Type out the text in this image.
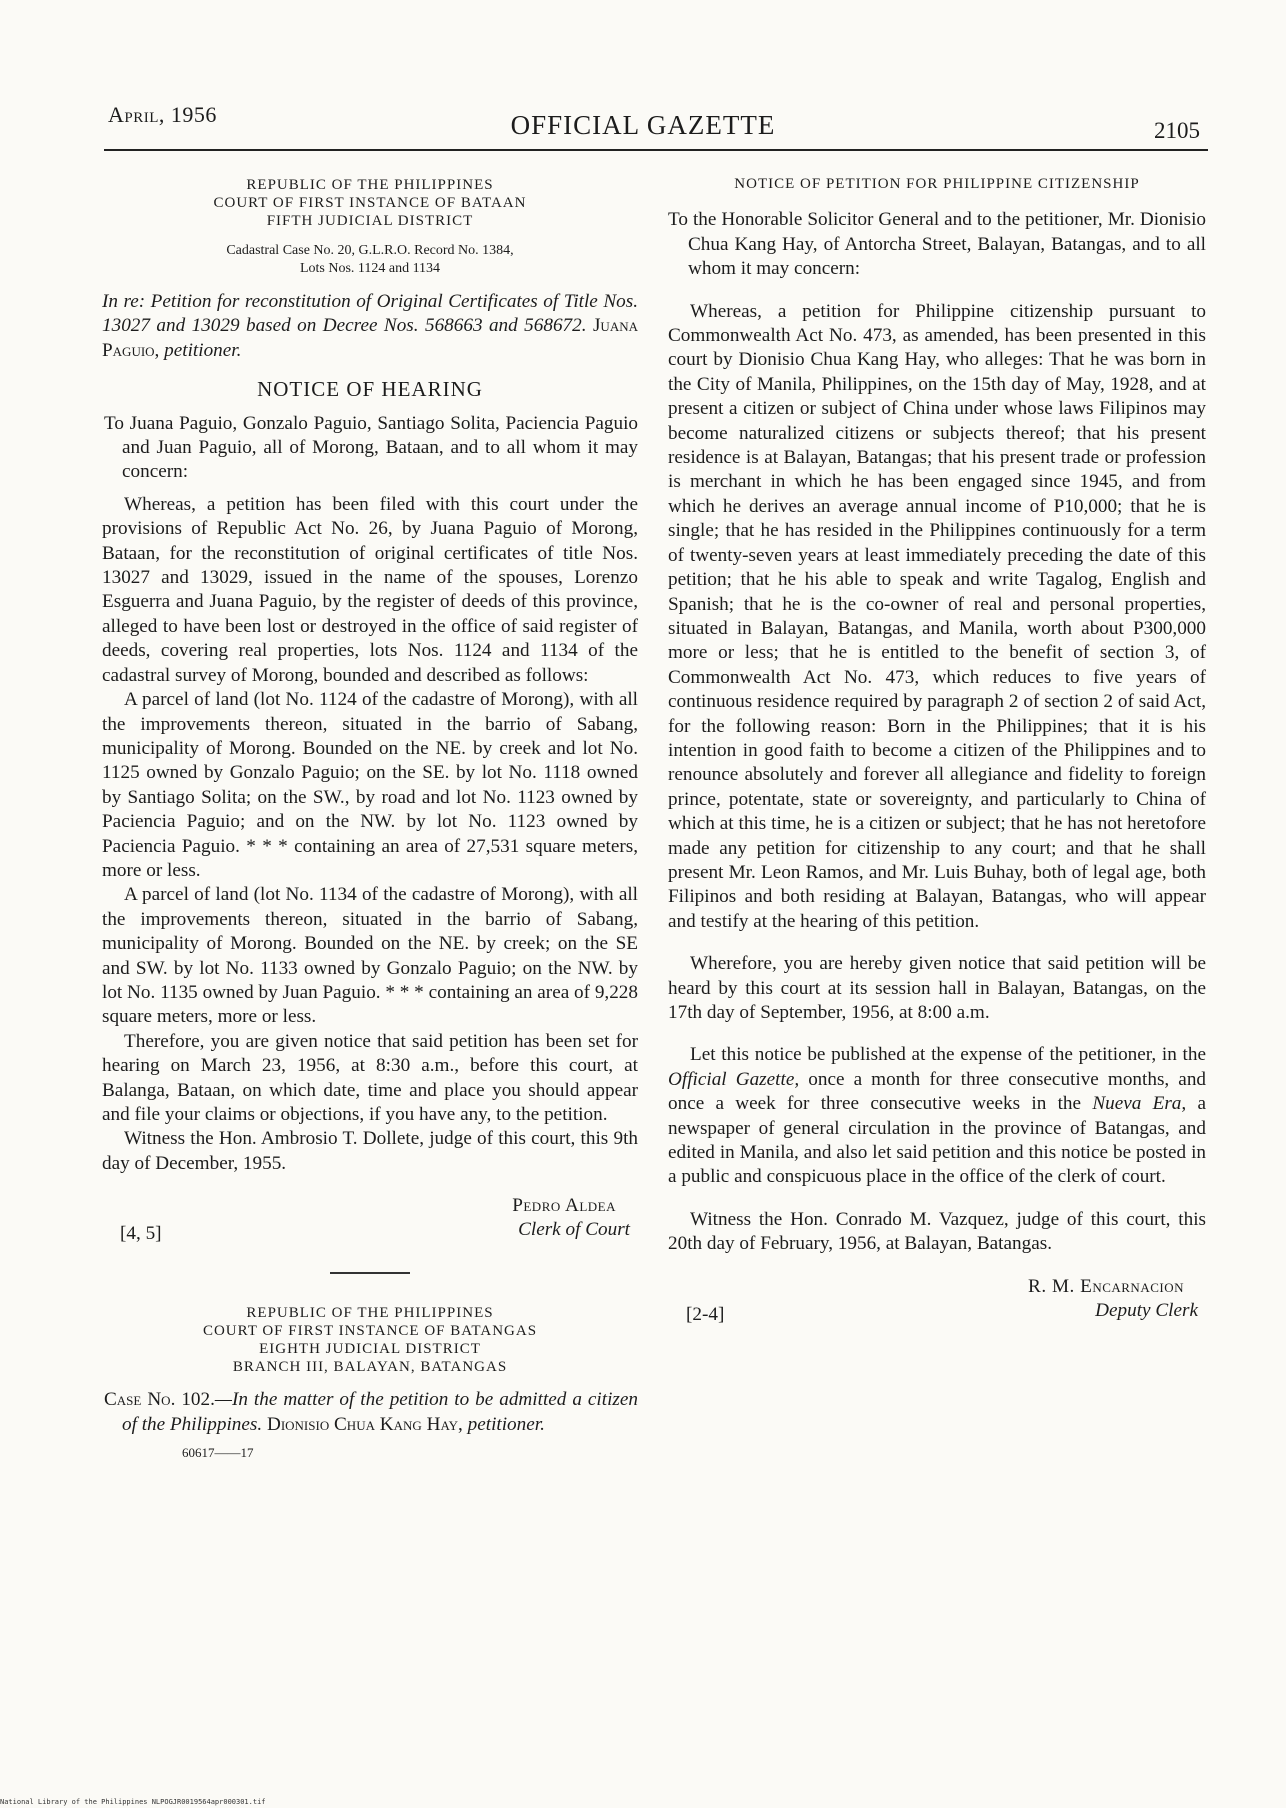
April, 1956	OFFICIAL GAZETTE	2105
REPUBLIC OF THE PHILIPPINES
COURT OF FIRST INSTANCE OF BATAAN
FIFTH JUDICIAL DISTRICT
Cadastral Case No. 20, G.L.R.O. Record No. 1384,
Lots Nos. 1124 and 1134

In re: Petition for reconstitution of Original Certificates of Title Nos. 13027 and 13029 based on Decree Nos. 568663 and 568672. Juana Paguio, petitioner.

NOTICE OF HEARING

To Juana Paguio, Gonzalo Paguio, Santiago Solita, Paciencia Paguio and Juan Paguio, all of Morong, Bataan, and to all whom it may concern:

Whereas, a petition has been filed with this court under the provisions of Republic Act No. 26, by Juana Paguio of Morong, Bataan, for the reconstitution of original certificates of title Nos. 13027 and 13029, issued in the name of the spouses, Lorenzo Esguerra and Juana Paguio, by the register of deeds of this province, alleged to have been lost or destroyed in the office of said register of deeds, covering real properties, lots Nos. 1124 and 1134 of the cadastral survey of Morong, bounded and described as follows:

A parcel of land (lot No. 1124 of the cadastre of Morong), with all the improvements thereon, situated in the barrio of Sabang, municipality of Morong. Bounded on the NE. by creek and lot No. 1125 owned by Gonzalo Paguio; on the SE. by lot No. 1118 owned by Santiago Solita; on the SW., by road and lot No. 1123 owned by Paciencia Paguio; and on the NW. by lot No. 1123 owned by Paciencia Paguio. * * * containing an area of 27,531 square meters, more or less.

A parcel of land (lot No. 1134 of the cadastre of Morong), with all the improvements thereon, situated in the barrio of Sabang, municipality of Morong. Bounded on the NE. by creek; on the SE and SW. by lot No. 1133 owned by Gonzalo Paguio; on the NW. by lot No. 1135 owned by Juan Paguio. * * * containing an area of 9,228 square meters, more or less.

Therefore, you are given notice that said petition has been set for hearing on March 23, 1956, at 8:30 a.m., before this court, at Balanga, Bataan, on which date, time and place you should appear and file your claims or objections, if you have any, to the petition.

Witness the Hon. Ambrosio T. Dollete, judge of this court, this 9th day of December, 1955.

Pedro Aldea
Clerk of Court
[4, 5]
REPUBLIC OF THE PHILIPPINES
COURT OF FIRST INSTANCE OF BATANGAS
EIGHTH JUDICIAL DISTRICT
BRANCH III, BALAYAN, BATANGAS

Case No. 102.—In the matter of the petition to be admitted a citizen of the Philippines. Dionisio Chua Kang Hay, petitioner.

60617——17
NOTICE OF PETITION FOR PHILIPPINE CITIZENSHIP

To the Honorable Solicitor General and to the petitioner, Mr. Dionisio Chua Kang Hay, of Antorcha Street, Balayan, Batangas, and to all whom it may concern:

Whereas, a petition for Philippine citizenship pursuant to Commonwealth Act No. 473, as amended, has been presented in this court by Dionisio Chua Kang Hay, who alleges: That he was born in the City of Manila, Philippines, on the 15th day of May, 1928, and at present a citizen or subject of China under whose laws Filipinos may become naturalized citizens or subjects thereof; that his present residence is at Balayan, Batangas; that his present trade or profession is merchant in which he has been engaged since 1945, and from which he derives an average annual income of P10,000; that he is single; that he has resided in the Philippines continuously for a term of twenty-seven years at least immediately preceding the date of this petition; that he his able to speak and write Tagalog, English and Spanish; that he is the co-owner of real and personal properties, situated in Balayan, Batangas, and Manila, worth about P300,000 more or less; that he is entitled to the benefit of section 3, of Commonwealth Act No. 473, which reduces to five years of continuous residence required by paragraph 2 of section 2 of said Act, for the following reason: Born in the Philippines; that it is his intention in good faith to become a citizen of the Philippines and to renounce absolutely and forever all allegiance and fidelity to foreign prince, potentate, state or sovereignty, and particularly to China of which at this time, he is a citizen or subject; that he has not heretofore made any petition for citizenship to any court; and that he shall present Mr. Leon Ramos, and Mr. Luis Buhay, both of legal age, both Filipinos and both residing at Balayan, Batangas, who will appear and testify at the hearing of this petition.

Wherefore, you are hereby given notice that said petition will be heard by this court at its session hall in Balayan, Batangas, on the 17th day of September, 1956, at 8:00 a.m.

Let this notice be published at the expense of the petitioner, in the Official Gazette, once a month for three consecutive months, and once a week for three consecutive weeks in the Nueva Era, a newspaper of general circulation in the province of Batangas, and edited in Manila, and also let said petition and this notice be posted in a public and conspicuous place in the office of the clerk of court.

Witness the Hon. Conrado M. Vazquez, judge of this court, this 20th day of February, 1956, at Balayan, Batangas.

R. M. Encarnacion
Deputy Clerk
[2-4]
National Library of the Philippines NLPOGJR0019564apr000301.tif
